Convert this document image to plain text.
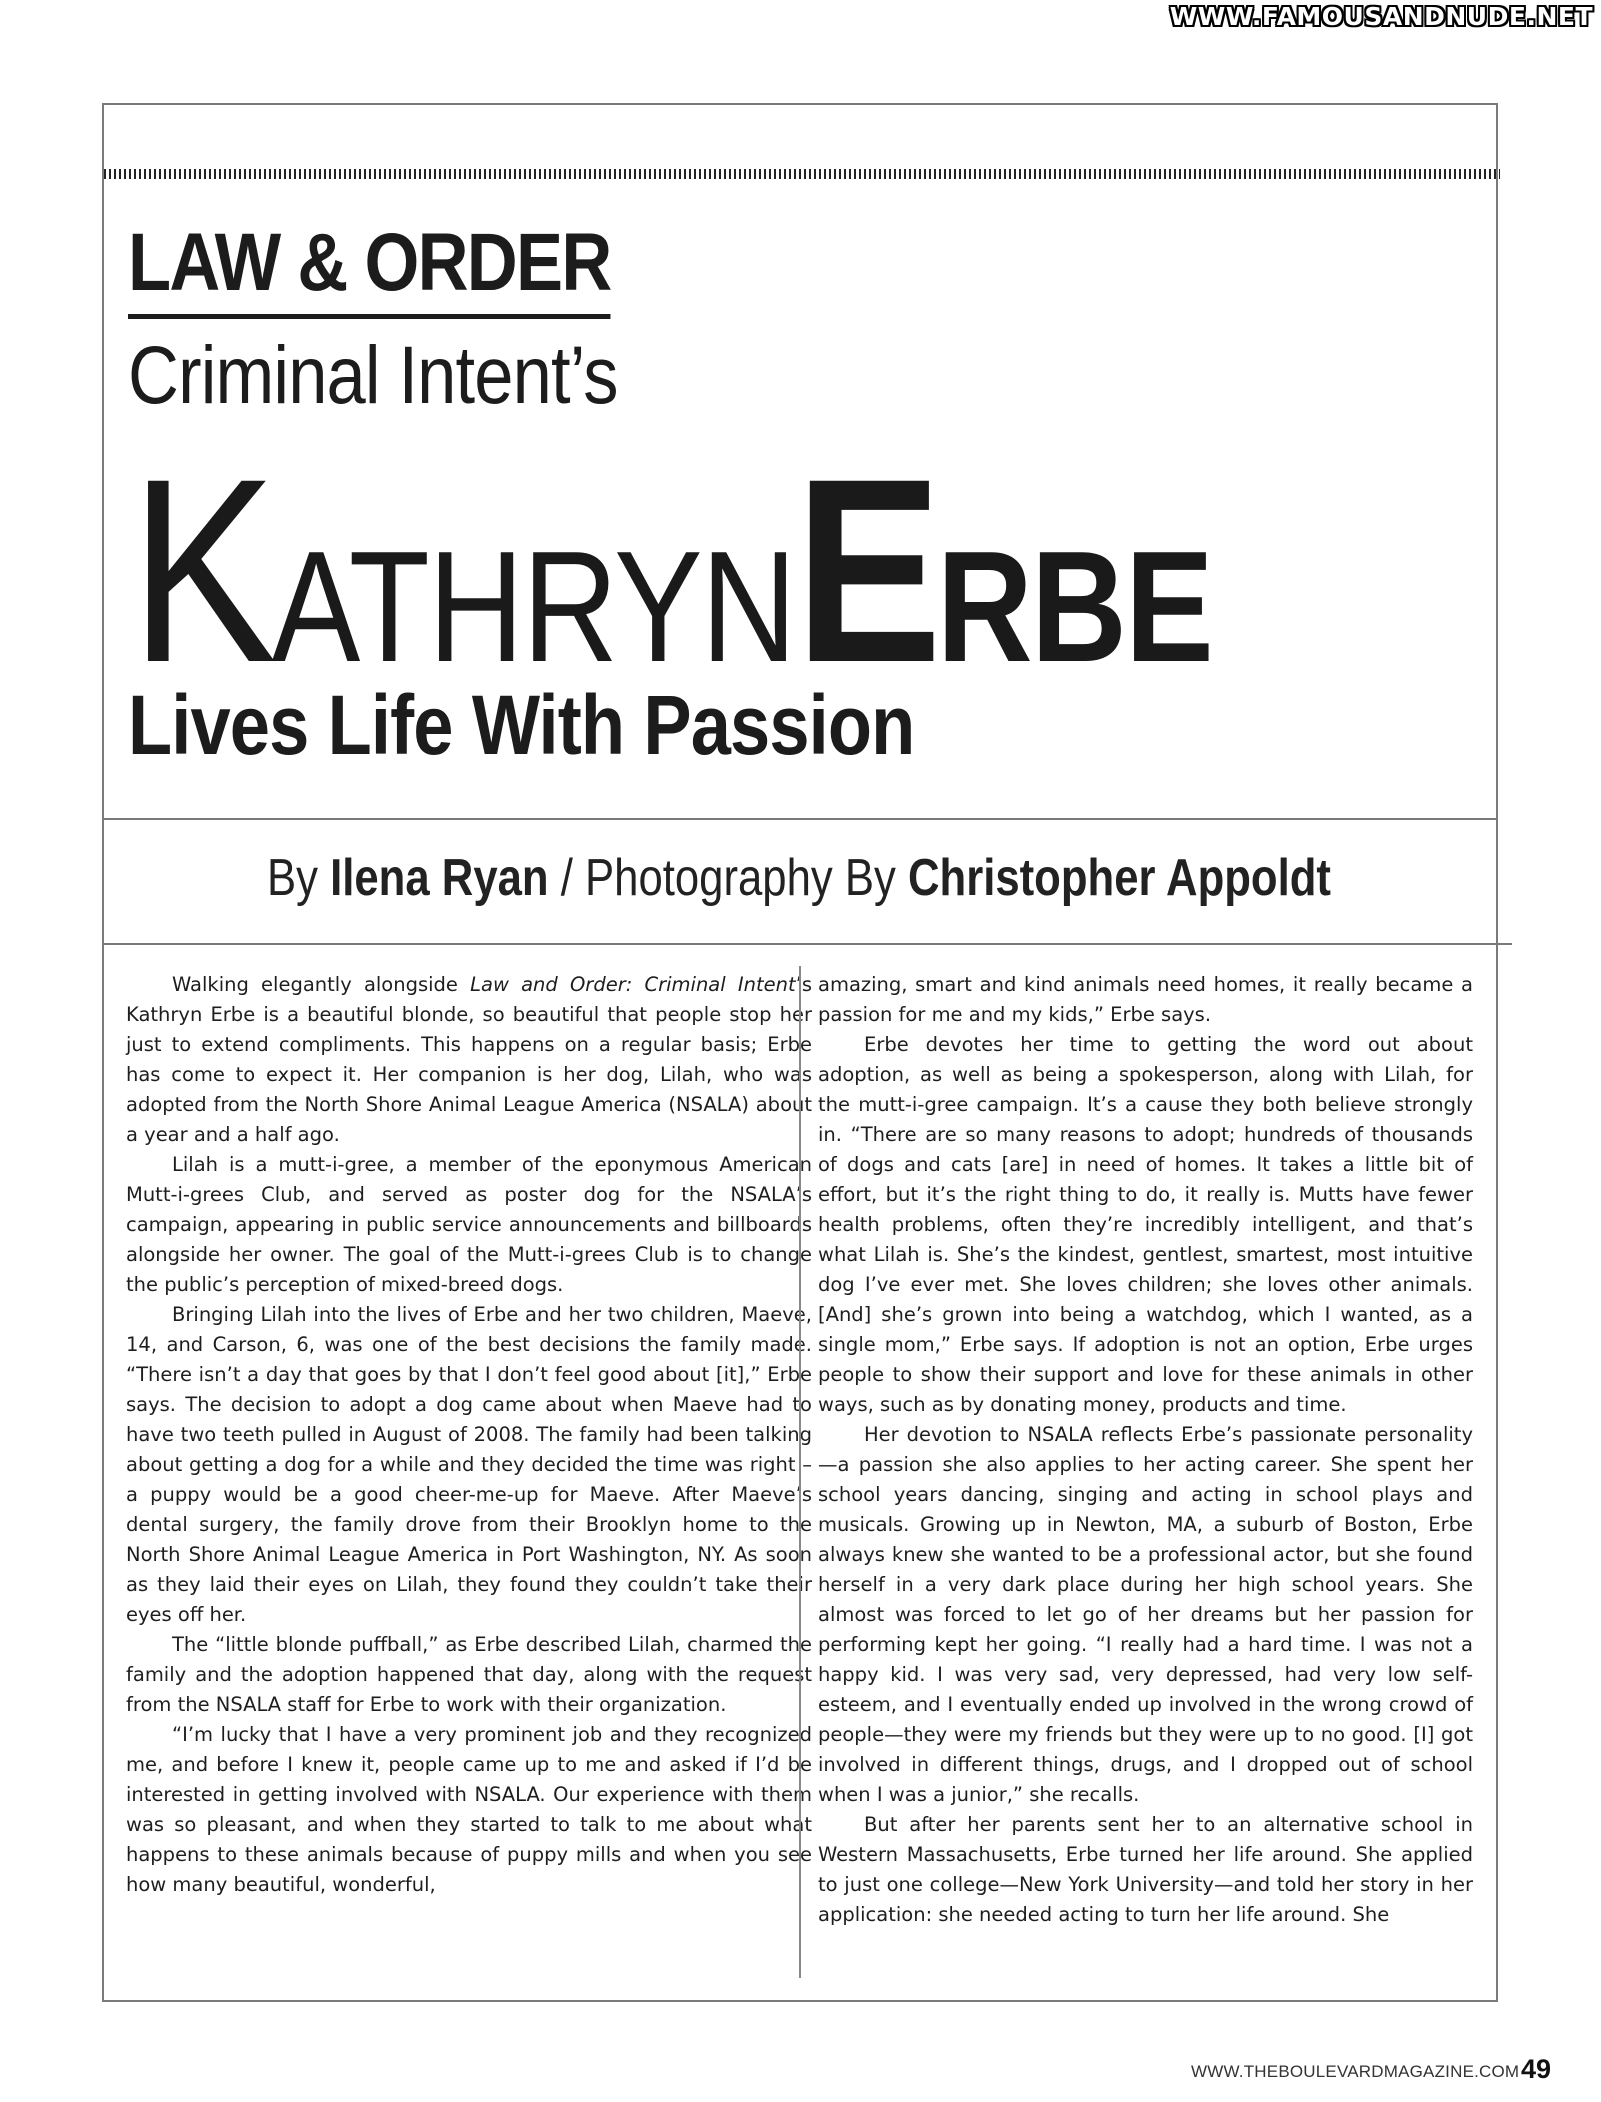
WWW.FAMOUSANDNUDE.NET
LAW & ORDER
Criminal Intent’s
KATHRYNERBE
Lives Life With Passion

By Ilena Ryan / Photography By Christopher Appoldt

Walking elegantly alongside Law and Order: Criminal Intent’s Kathryn Erbe is a beautiful blonde, so beautiful that people stop her just to extend compliments. This happens on a regular basis; Erbe has come to expect it. Her companion is her dog, Lilah, who was adopted from the North Shore Animal League America (NSALA) about a year and a half ago.

Lilah is a mutt-i-gree, a member of the eponymous American Mutt-i-grees Club, and served as poster dog for the NSALA’s campaign, appearing in public service announcements and billboards alongside her owner. The goal of the Mutt-i-grees Club is to change the public’s perception of mixed-breed dogs.

Bringing Lilah into the lives of Erbe and her two children, Maeve, 14, and Carson, 6, was one of the best decisions the family made. “There isn’t a day that goes by that I don’t feel good about [it],” Erbe says. The decision to adopt a dog came about when Maeve had to have two teeth pulled in August of 2008. The family had been talking about getting a dog for a while and they decided the time was right – a puppy would be a good cheer-me-up for Maeve. After Maeve’s dental surgery, the family drove from their Brooklyn home to the North Shore Animal League America in Port Washington, NY. As soon as they laid their eyes on Lilah, they found they couldn’t take their eyes off her.

The “little blonde puffball,” as Erbe described Lilah, charmed the family and the adoption happened that day, along with the request from the NSALA staff for Erbe to work with their organization.

“I’m lucky that I have a very prominent job and they recognized me, and before I knew it, people came up to me and asked if I’d be interested in getting involved with NSALA. Our experience with them was so pleasant, and when they started to talk to me about what happens to these animals because of puppy mills and when you see how many beautiful, wonderful,

amazing, smart and kind animals need homes, it really became a passion for me and my kids,” Erbe says.

Erbe devotes her time to getting the word out about adoption, as well as being a spokesperson, along with Lilah, for the mutt-i-gree campaign. It’s a cause they both believe strongly in. “There are so many reasons to adopt; hundreds of thousands of dogs and cats [are] in need of homes. It takes a little bit of effort, but it’s the right thing to do, it really is. Mutts have fewer health problems, often they’re incredibly intelligent, and that’s what Lilah is. She’s the kindest, gentlest, smartest, most intuitive dog I’ve ever met. She loves children; she loves other animals. [And] she’s grown into being a watchdog, which I wanted, as a single mom,” Erbe says. If adoption is not an option, Erbe urges people to show their support and love for these animals in other ways, such as by donating money, products and time.

Her devotion to NSALA reflects Erbe’s passionate personality—a passion she also applies to her acting career. She spent her school years dancing, singing and acting in school plays and musicals. Growing up in Newton, MA, a suburb of Boston, Erbe always knew she wanted to be a professional actor, but she found herself in a very dark place during her high school years. She almost was forced to let go of her dreams but her passion for performing kept her going. “I really had a hard time. I was not a happy kid. I was very sad, very depressed, had very low self-esteem, and I eventually ended up involved in the wrong crowd of people—they were my friends but they were up to no good. [I] got involved in different things, drugs, and I dropped out of school when I was a junior,” she recalls.

But after her parents sent her to an alternative school in Western Massachusetts, Erbe turned her life around. She applied to just one college—New York University—and told her story in her application: she needed acting to turn her life around. She

WWW.THEBOULEVARDMAGAZINE.COM 49
